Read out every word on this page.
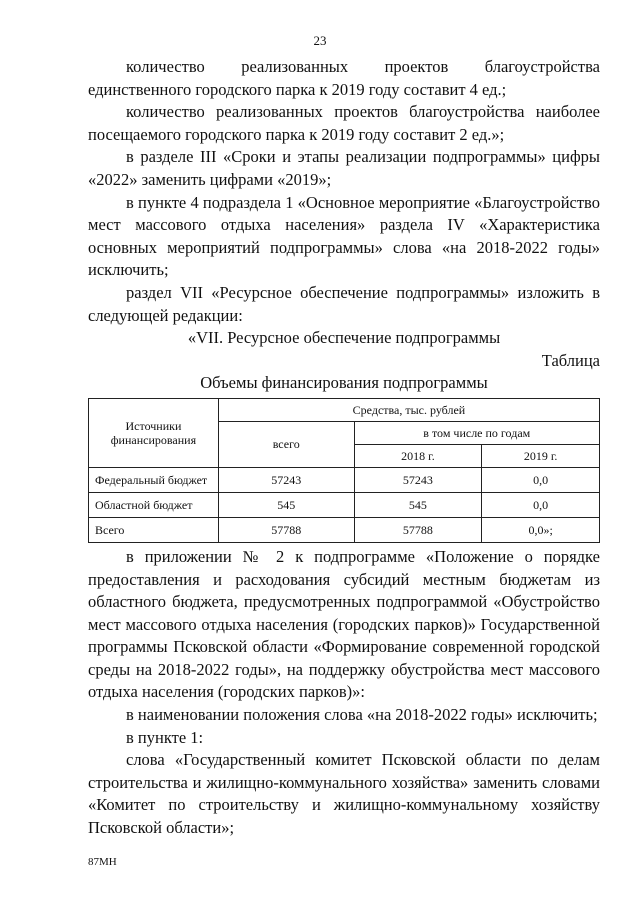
23

количество реализованных проектов благоустройства единственного городского парка к 2019 году составит 4 ед.;

количество реализованных проектов благоустройства наиболее посещаемого городского парка к 2019 году составит 2 ед.»;

в разделе III «Сроки и этапы реализации подпрограммы» цифры «2022» заменить цифрами «2019»;

в пункте 4 подраздела 1 «Основное мероприятие «Благоустройство мест массового отдыха населения» раздела IV «Характеристика основных мероприятий подпрограммы» слова «на 2018-2022 годы» исключить;

раздел VII «Ресурсное обеспечение подпрограммы» изложить в следующей редакции:

«VII. Ресурсное обеспечение подпрограммы

Таблица

Объемы финансирования подпрограммы

Источники финансирования	Средства, тыс. рублей		
	всего	в том числе по годам	
		2018 г.	2019 г.
Федеральный бюджет	57243	57243	0,0
Областной бюджет	545	545	0,0
Всего	57788	57788	0,0»;

в приложении № 2 к подпрограмме «Положение о порядке предоставления и расходования субсидий местным бюджетам из областного бюджета, предусмотренных подпрограммой «Обустройство мест массового отдыха населения (городских парков)» Государственной программы Псковской области «Формирование современной городской среды на 2018-2022 годы», на поддержку обустройства мест массового отдыха населения (городских парков)»:

в наименовании положения слова «на 2018-2022 годы» исключить;

в пункте 1:

слова «Государственный комитет Псковской области по делам строительства и жилищно-коммунального хозяйства» заменить словами «Комитет по строительству и жилищно-коммунальному хозяйству Псковской области»;

87МН
